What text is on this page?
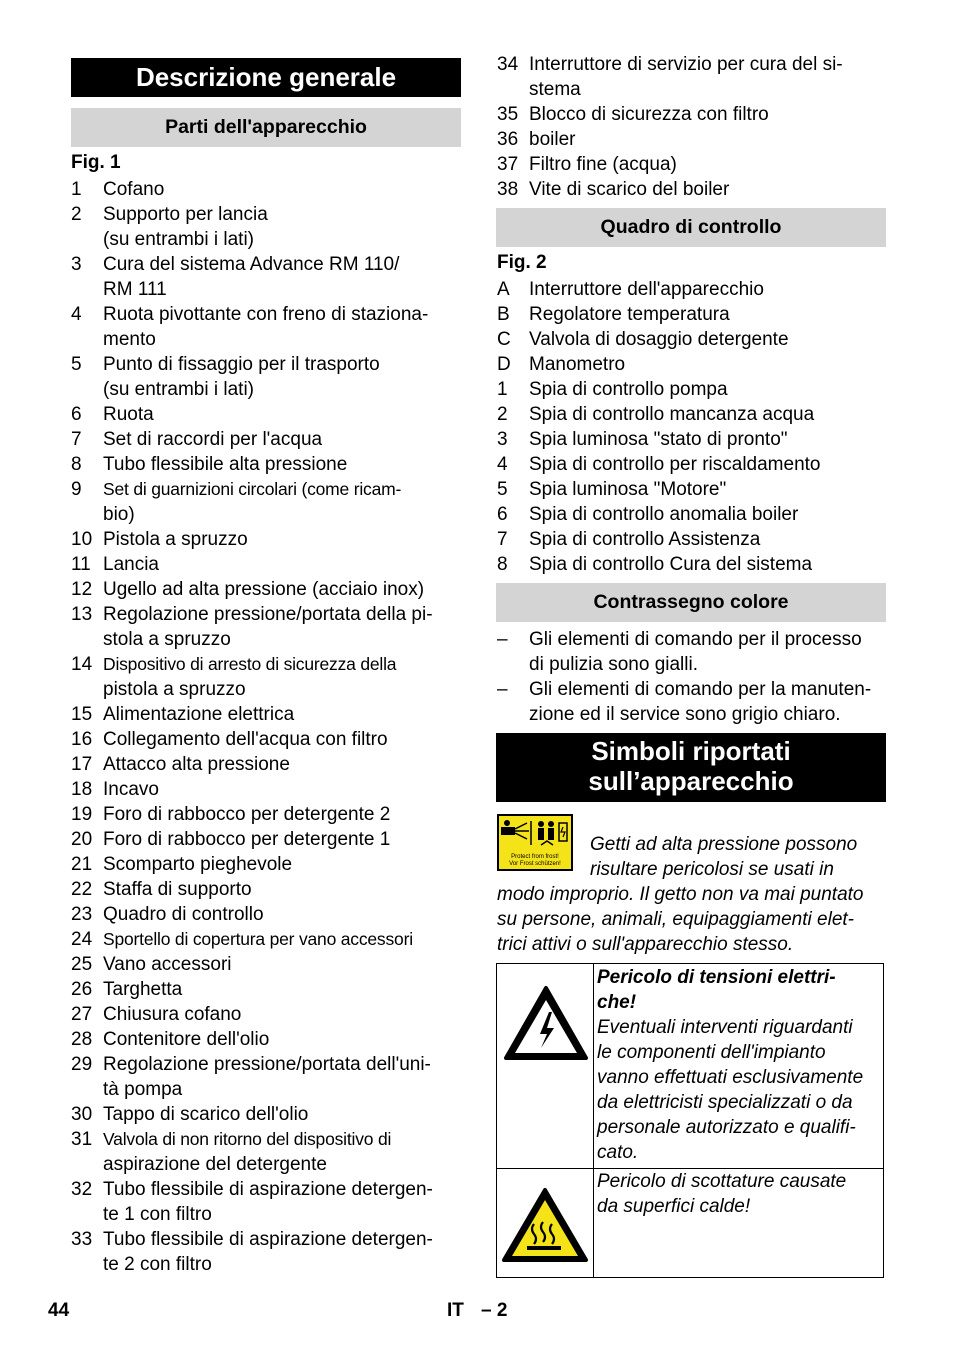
Descrizione generale
Parti dell'apparecchio
Fig. 1
1 Cofano
2 Supporto per lancia
(su entrambi i lati)
3 Cura del sistema Advance RM 110/
RM 111
4 Ruota pivottante con freno di staziona-
mento
5 Punto di fissaggio per il trasporto
(su entrambi i lati)
6 Ruota
7 Set di raccordi per l'acqua
8 Tubo flessibile alta pressione
9 Set di guarnizioni circolari (come ricam-
bio)
10 Pistola a spruzzo
11 Lancia
12 Ugello ad alta pressione (acciaio inox)
13 Regolazione pressione/portata della pi-
stola a spruzzo
14 Dispositivo di arresto di sicurezza della
pistola a spruzzo
15 Alimentazione elettrica
16 Collegamento dell'acqua con filtro
17 Attacco alta pressione
18 Incavo
19 Foro di rabbocco per detergente 2
20 Foro di rabbocco per detergente 1
21 Scomparto pieghevole
22 Staffa di supporto
23 Quadro di controllo
24 Sportello di copertura per vano accessori
25 Vano accessori
26 Targhetta
27 Chiusura cofano
28 Contenitore dell'olio
29 Regolazione pressione/portata dell'uni-
tà pompa
30 Tappo di scarico dell'olio
31 Valvola di non ritorno del dispositivo di
aspirazione del detergente
32 Tubo flessibile di aspirazione detergen-
te 1 con filtro
33 Tubo flessibile di aspirazione detergen-
te 2 con filtro
34 Interruttore di servizio per cura del si-
stema
35 Blocco di sicurezza con filtro
36 boiler
37 Filtro fine (acqua)
38 Vite di scarico del boiler
Quadro di controllo
Fig. 2
A Interruttore dell'apparecchio
B Regolatore temperatura
C Valvola di dosaggio detergente
D Manometro
1 Spia di controllo pompa
2 Spia di controllo mancanza acqua
3 Spia luminosa "stato di pronto"
4 Spia di controllo per riscaldamento
5 Spia luminosa "Motore"
6 Spia di controllo anomalia boiler
7 Spia di controllo Assistenza
8 Spia di controllo Cura del sistema
Contrassegno colore
– Gli elementi di comando per il processo
di pulizia sono gialli.
– Gli elementi di comando per la manuten-
zione ed il service sono grigio chiaro.
Simboli riportati
sull’apparecchio
Protect from frost!
Vor Frost schützen!
Getti ad alta pressione possono
risultare pericolosi se usati in
modo improprio. Il getto non va mai puntato
su persone, animali, equipaggiamenti elet-
trici attivi o sull'apparecchio stesso.
Pericolo di tensioni elettri-
che!
Eventuali interventi riguardanti
le componenti dell'impianto
vanno effettuati esclusivamente
da elettricisti specializzati o da
personale autorizzato e qualifi-
cato.
Pericolo di scottature causate
da superfici calde!
44	IT – 2
